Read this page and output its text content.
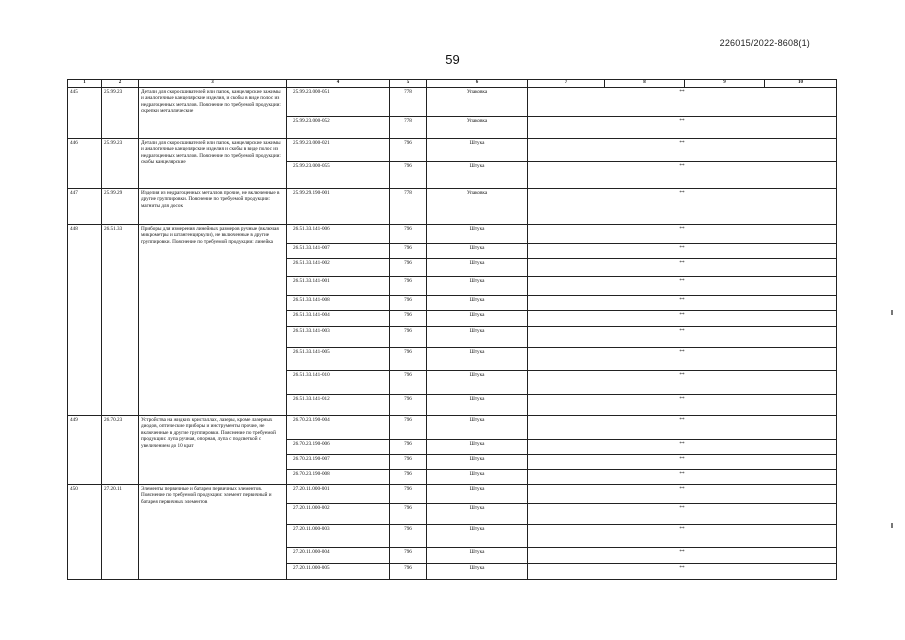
226015/2022-8608(1)
59
1	2	3	4	5	6	7	8	9	10
445	25.99.23	Детали для скоросшивателей или папок, канцелярские зажимы и аналогичные канцелярские изделия, и скобы в виде полос из недрагоценных металлов. Пояснение по требуемой продукции: скрепки металлические	25.99.23.000-051	778	Упаковка	**			
			25.99.23.000-052	778	Упаковка	**			
446	25.99.23	Детали для скоросшивателей или папок, канцелярские зажимы и аналогичные канцелярские изделия и скобы в виде полос из недрагоценных металлов. Пояснение по требуемой продукции: скобы канцелярские	25.99.23.000-021	796	Штука	**			
			25.99.23.000-055	796	Штука	**			
447	25.99.29	Изделия из недрагоценных металлов прочие, не включенные в другие группировки. Пояснение по требуемой продукции: магниты для досок	25.99.29.190-001	778	Упаковка	**			
448	26.51.33	Приборы для измерения линейных размеров ручные (включая микрометры и штангенциркули), не включенные в другие группировки. Пояснение по требуемой продукции: линейка	26.51.33.141-006	796	Штука	**			
			26.51.33.141-007	796	Штука	**			
			26.51.33.141-002	796	Штука	**			
			26.51.33.141-001	796	Штука	**			
			26.51.33.141-008	796	Штука	**			
			26.51.33.141-004	796	Штука	**			
			26.51.33.141-003	796	Штука	**			
			26.51.33.141-005	796	Штука	**			
			26.51.33.141-010	796	Штука	**			
			26.51.33.141-012	796	Штука	**			
449	26.70.23	Устройства на жидких кристаллах, лазеры, кроме лазерных диодов, оптические приборы и инструменты прочие, не включенные в другие группировки. Пояснение по требуемой продукции: лупа ручная, опорная, лупа с подсветкой с увеличением до 10 крат	26.70.23.190-004	796	Штука	**			
			26.70.23.190-006	796	Штука	**			
			26.70.23.190-007	796	Штука	**			
			26.70.23.190-008	796	Штука	**			
450	27.20.11	Элементы первичные и батареи первичных элементов. Пояснение по требуемой продукции: элемент первичный и батарея первичных элементов	27.20.11.000-001	796	Штука	**			
			27.20.11.000-002	796	Штука	**			
			27.20.11.000-003	796	Штука	**			
			27.20.11.000-004	796	Штука	**			
			27.20.11.000-005	796	Штука	**			
